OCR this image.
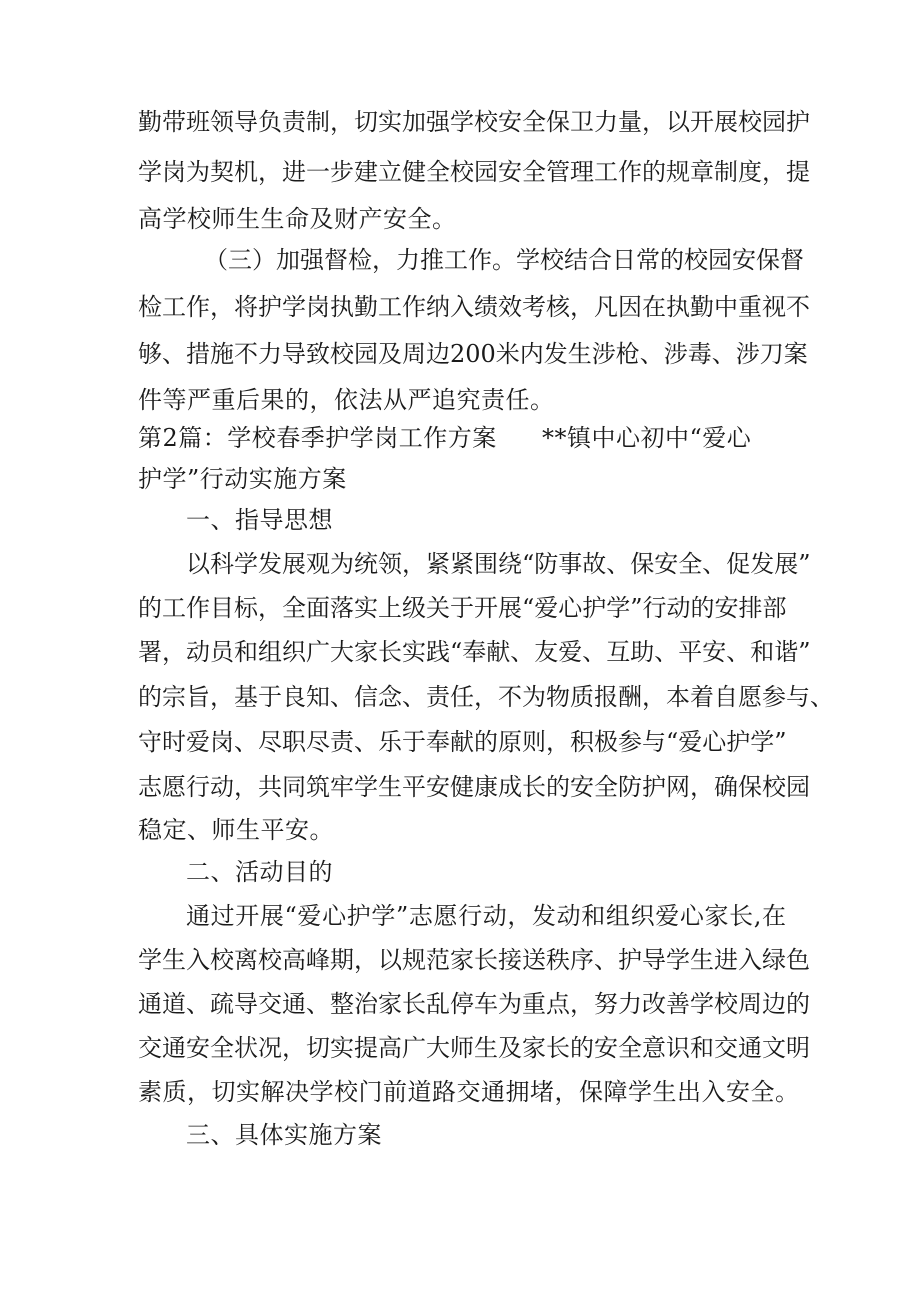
勤带班领导负责制，切实加强学校安全保卫力量，以开展校园护
学岗为契机，进一步建立健全校园安全管理工作的规章制度，提
高学校师生生命及财产安全。
（三）加强督检，力推工作。学校结合日常的校园安保督
检工作，将护学岗执勤工作纳入绩效考核，凡因在执勤中重视不
够、措施不力导致校园及周边200米内发生涉枪、涉毒、涉刀案
件等严重后果的，依法从严追究责任。
第2篇：学校春季护学岗工作方案 **镇中心初中“爱心
护学”行动实施方案
一、指导思想
以科学发展观为统领，紧紧围绕“防事故、保安全、促发展”
的工作目标，全面落实上级关于开展“爱心护学”行动的安排部
署，动员和组织广大家长实践“奉献、友爱、互助、平安、和谐”
的宗旨，基于良知、信念、责任，不为物质报酬，本着自愿参与、
守时爱岗、尽职尽责、乐于奉献的原则，积极参与“爱心护学”
志愿行动，共同筑牢学生平安健康成长的安全防护网，确保校园
稳定、师生平安。
二、活动目的
通过开展“爱心护学”志愿行动，发动和组织爱心家长,在
学生入校离校高峰期，以规范家长接送秩序、护导学生进入绿色
通道、疏导交通、整治家长乱停车为重点，努力改善学校周边的
交通安全状况，切实提高广大师生及家长的安全意识和交通文明
素质，切实解决学校门前道路交通拥堵，保障学生出入安全。
三、具体实施方案
